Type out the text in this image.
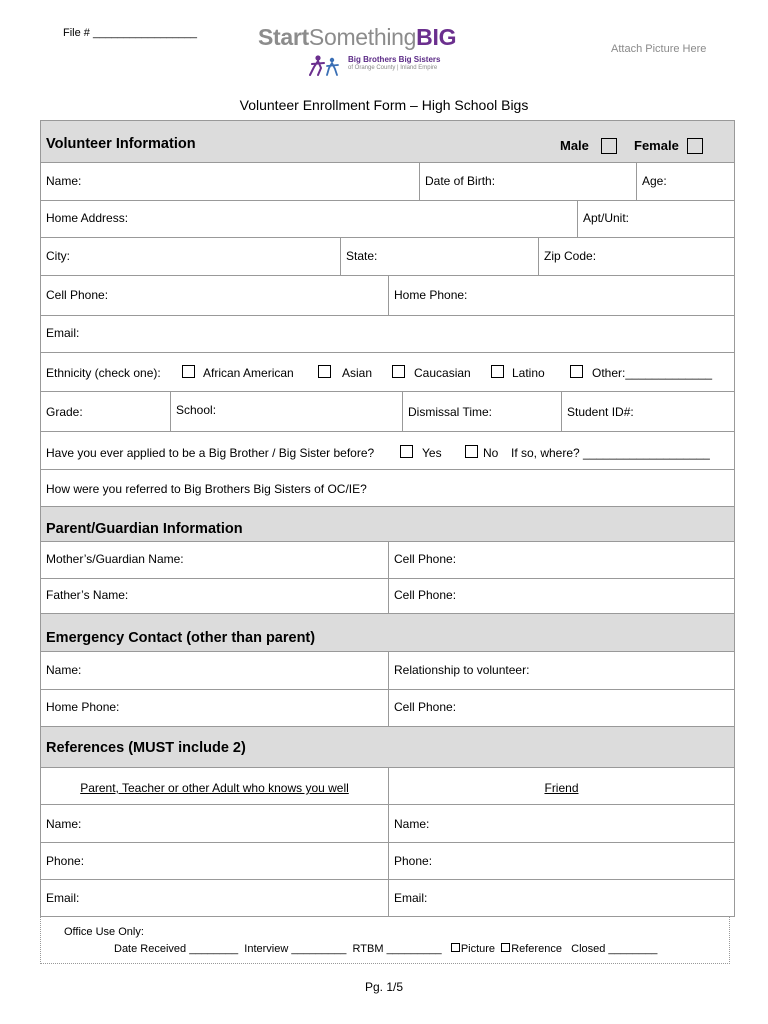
File # _________________	StartSomethingBIG
Big Brothers Big Sisters
of Orange County | Inland Empire
Attach Picture Here
Volunteer Enrollment Form – High School Bigs
Volunteer Information	Male	Female
Name:	Date of Birth:	Age:
Home Address:	Apt/Unit:
City:	State:	Zip Code:
Cell Phone:	Home Phone:
Email:
Ethnicity (check one):	African American	Asian	Caucasian	Latino	Other:_____________
Grade:	School:	Dismissal Time:	Student ID#:
Have you ever applied to be a Big Brother / Big Sister before?	Yes	No If so, where? ___________________
How were you referred to Big Brothers Big Sisters of OC/IE?
Parent/Guardian Information
Mother’s/Guardian Name:	Cell Phone:
Father’s Name:	Cell Phone:
Emergency Contact (other than parent)
Name:	Relationship to volunteer:
Home Phone:	Cell Phone:
References (MUST include 2)
$_{Parent, Teacher or other Adult who knows you well}$	$_{Friend}$
Name:	Name:
Phone:	Phone:
Email:	Email:
Office Use Only:
Date Received ________ Interview _________ RTBM _________ Picture Reference Closed ________
Pg. 1/5
